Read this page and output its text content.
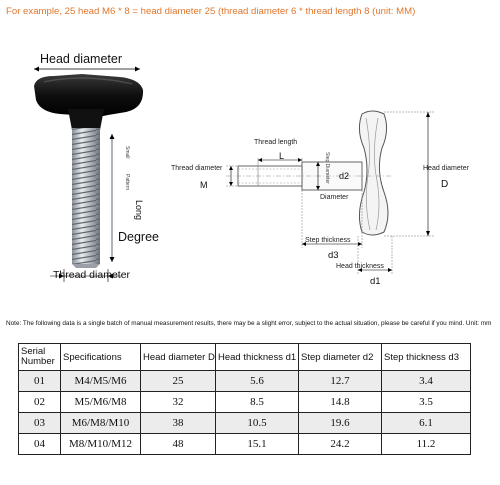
For example, 25 head M6 * 8 = head diameter 25 (thread diameter 6 * thread length 8 (unit: MM)
Head diameter
Small
Pattern
Long
Degree
Thread diameter
Thread length
L
Thread diameter
M
d2
Step Diameter
Diameter
Head diameter
D
Step thickness
d3
Head thickness
d1
Note: The following data is a single batch of manual measurement results, there may be a slight error, subject to the actual situation, please be careful if you mind. Unit: mm
Serial Number	Specifications	Head diameter D	Head thickness d1	Step diameter d2	Step thickness d3
01	M4/M5/M6	25	5.6	12.7	3.4
02	M5/M6/M8	32	8.5	14.8	3.5
03	M6/M8/M10	38	10.5	19.6	6.1
04	M8/M10/M12	48	15.1	24.2	11.2
